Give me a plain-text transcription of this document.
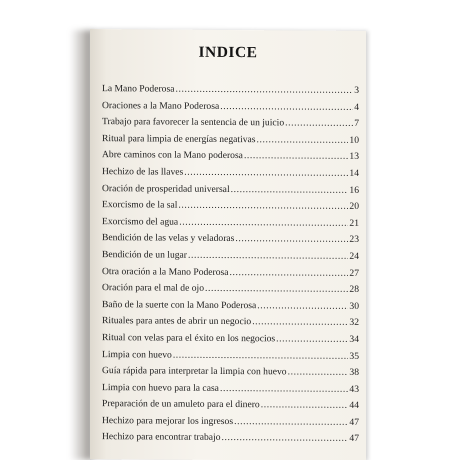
INDICE
La Mano Poderosa .....	3
Oraciones a la Mano Poderosa .....	4
Trabajo para favorecer la sentencia de un juicio .....	7
Ritual para limpia de energías negativas .....	10
Abre caminos con la Mano poderosa .....	13
Hechizo de las llaves .....	14
Oración de prosperidad universal .....	16
Exorcismo de la sal .....	20
Exorcismo del agua .....	21
Bendición de las velas y veladoras .....	23
Bendición de un lugar .....	24
Otra oración a la Mano Poderosa .....	27
Oración para el mal de ojo .....	28
Baño de la suerte con la Mano Poderosa .....	30
Rituales para antes de abrir un negocio .....	32
Ritual con velas para el éxito en los negocios .....	34
Limpia con huevo .....	35
Guía rápida para interpretar la limpia con huevo .....	38
Limpia con huevo para la casa .....	43
Preparación de un amuleto para el dinero .....	44
Hechizo para mejorar los ingresos .....	47
Hechizo para encontrar trabajo .....	47
